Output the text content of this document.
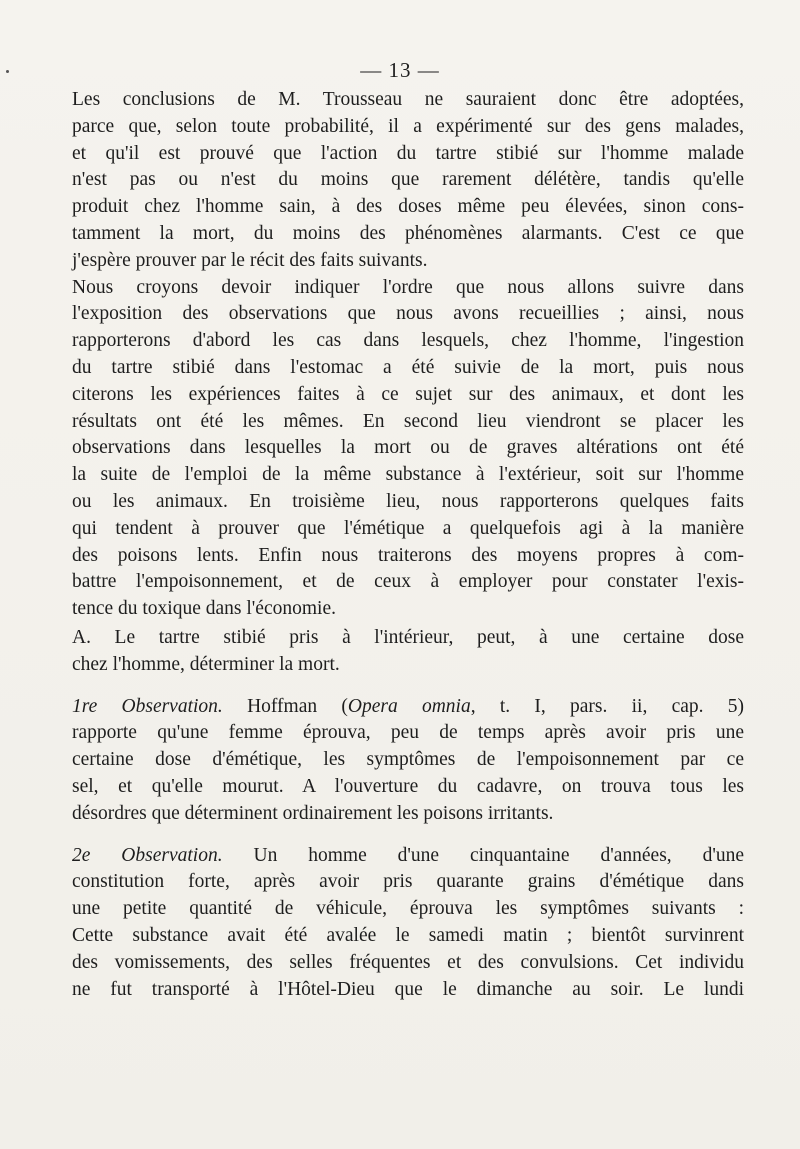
— 13 —

Les conclusions de M. Trousseau ne sauraient donc être adoptées,
parce que, selon toute probabilité, il a expérimenté sur des gens malades,
et qu'il est prouvé que l'action du tartre stibié sur l'homme malade
n'est pas ou n'est du moins que rarement délétère, tandis qu'elle
produit chez l'homme sain, à des doses même peu élevées, sinon cons-
tamment la mort, du moins des phénomènes alarmants. C'est ce que
j'espère prouver par le récit des faits suivants.

Nous croyons devoir indiquer l'ordre que nous allons suivre dans
l'exposition des observations que nous avons recueillies ; ainsi, nous
rapporterons d'abord les cas dans lesquels, chez l'homme, l'ingestion
du tartre stibié dans l'estomac a été suivie de la mort, puis nous
citerons les expériences faites à ce sujet sur des animaux, et dont les
résultats ont été les mêmes. En second lieu viendront se placer les
observations dans lesquelles la mort ou de graves altérations ont été
la suite de l'emploi de la même substance à l'extérieur, soit sur l'homme
ou les animaux. En troisième lieu, nous rapporterons quelques faits
qui tendent à prouver que l'émétique a quelquefois agi à la manière
des poisons lents. Enfin nous traiterons des moyens propres à com-
battre l'empoisonnement, et de ceux à employer pour constater l'exis-
tence du toxique dans l'économie.

A. Le tartre stibié pris à l'intérieur, peut, à une certaine dose
chez l'homme, déterminer la mort.

1re Observation. Hoffman (Opera omnia, t. I, pars. ii, cap. 5)
rapporte qu'une femme éprouva, peu de temps après avoir pris une
certaine dose d'émétique, les symptômes de l'empoisonnement par ce
sel, et qu'elle mourut. A l'ouverture du cadavre, on trouva tous les
désordres que déterminent ordinairement les poisons irritants.

2e Observation. Un homme d'une cinquantaine d'années, d'une
constitution forte, après avoir pris quarante grains d'émétique dans
une petite quantité de véhicule, éprouva les symptômes suivants :
Cette substance avait été avalée le samedi matin ; bientôt survinrent
des vomissements, des selles fréquentes et des convulsions. Cet individu
ne fut transporté à l'Hôtel-Dieu que le dimanche au soir. Le lundi
